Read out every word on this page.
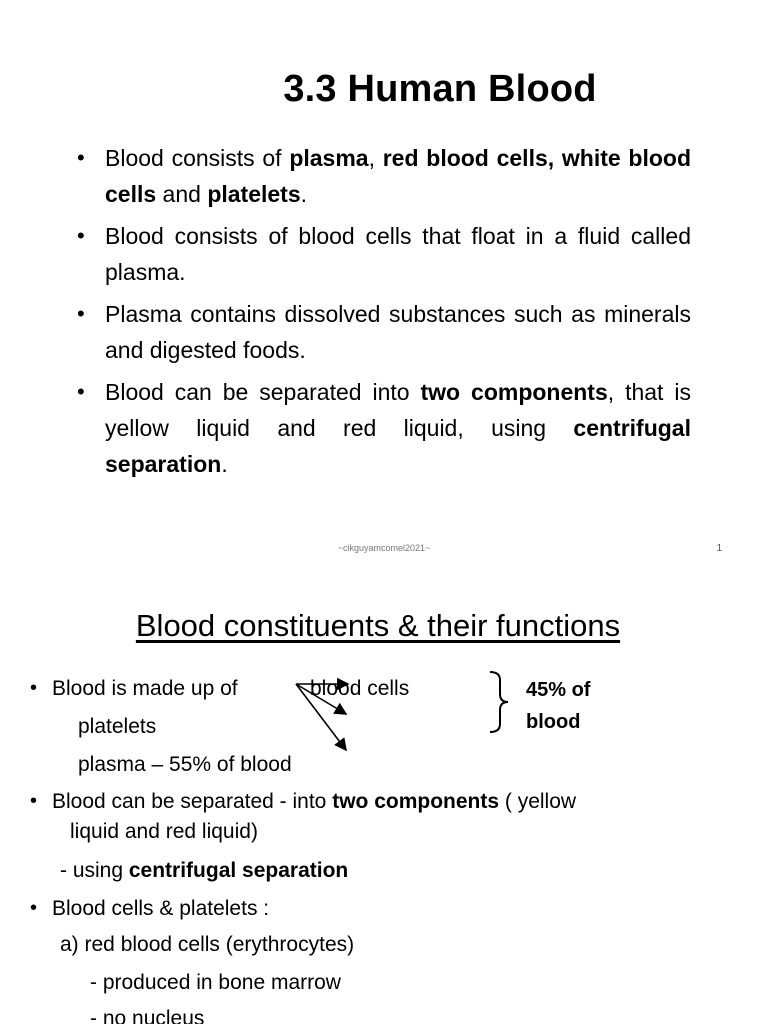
3.3 Human Blood
• Blood consists of plasma, red blood cells, white blood cells and platelets.
• Blood consists of blood cells that float in a fluid called plasma.
• Plasma contains dissolved substances such as minerals and digested foods.
• Blood can be separated into two components, that is yellow liquid and red liquid, using centrifugal separation.
~cikguyamcomel2021~	1
Blood constituents & their functions
• Blood is made up of	blood cells	45% of
blood
platelets
plasma – 55% of blood
• Blood can be separated - into two components ( yellow
liquid and red liquid)
- using centrifugal separation
• Blood cells & platelets :
a) red blood cells (erythrocytes)
- produced in bone marrow
- no nucleus
